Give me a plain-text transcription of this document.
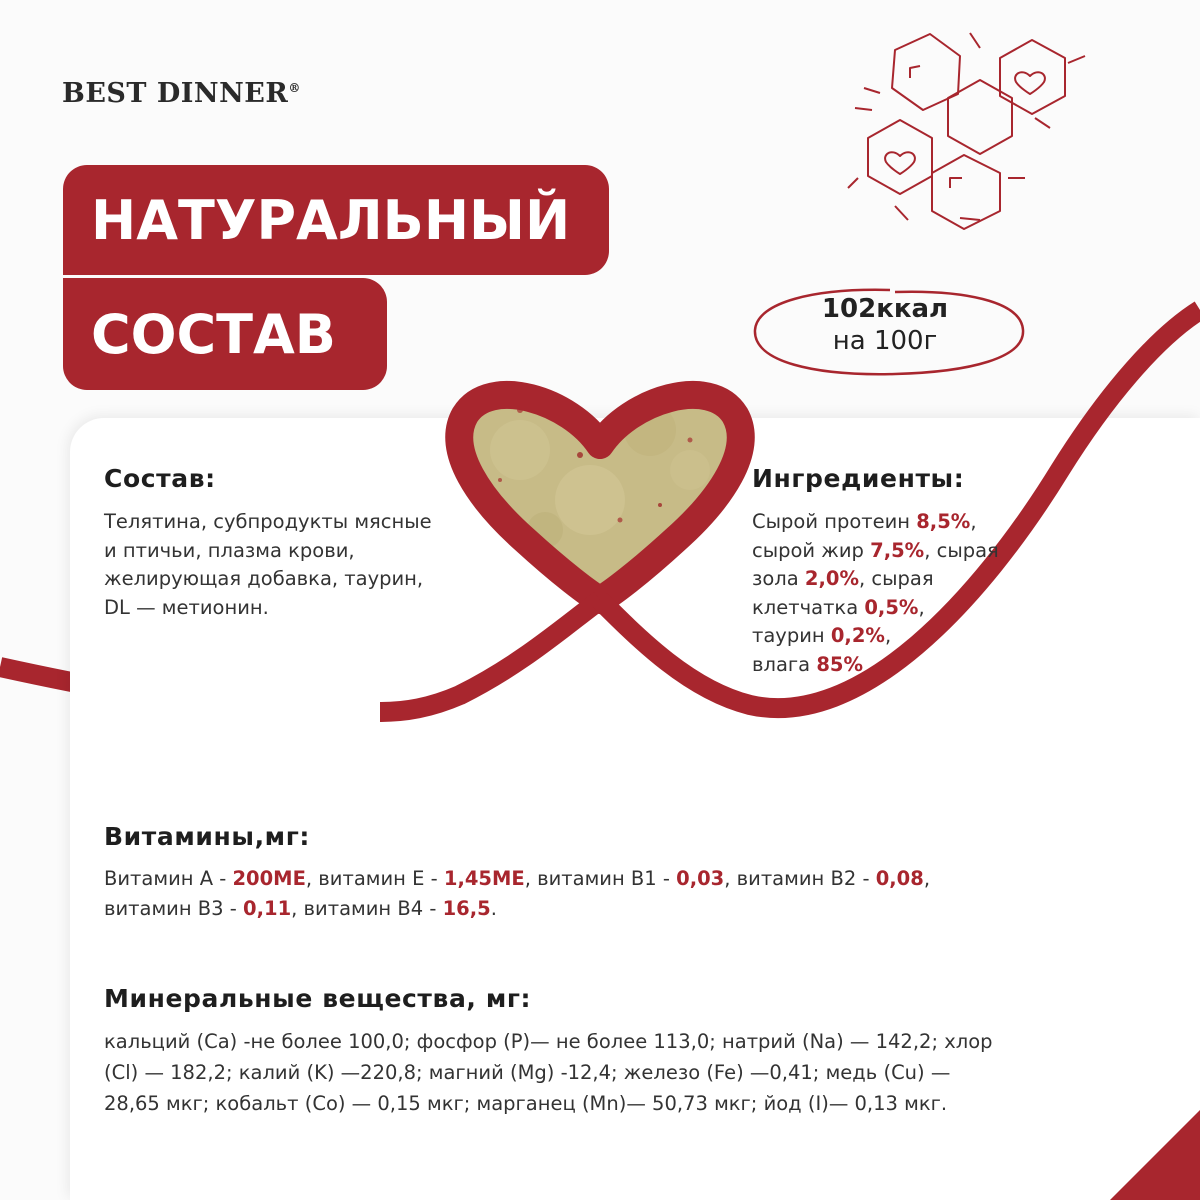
BEST DINNER®
НАТУРАЛЬНЫЙ
СОСТАВ	102ккал
на 100г
Состав:
Телятина, субпродукты мясные
и птичьи, плазма крови,
желирующая добавка, таурин,
DL — метионин.
Ингредиенты:
Сырой протеин 8,5%,
сырой жир 7,5%, сырая
зола 2,0%, сырая
клетчатка 0,5%,
таурин 0,2%,
влага 85%
Витамины,мг:
Витамин А - 200МЕ, витамин Е - 1,45МЕ, витамин В1 - 0,03, витамин В2 - 0,08,
витамин В3 - 0,11, витамин В4 - 16,5.
Минеральные вещества, мг:
кальций (Ca) -не более 100,0; фосфор (P)— не более 113,0; натрий (Na) — 142,2; хлор
(Cl) — 182,2; калий (K) —220,8; магний (Mg) -12,4; железо (Fe) —0,41; медь (Cu) —
28,65 мкг; кобальт (Co) — 0,15 мкг; марганец (Mn)— 50,73 мкг; йод (I)— 0,13 мкг.
